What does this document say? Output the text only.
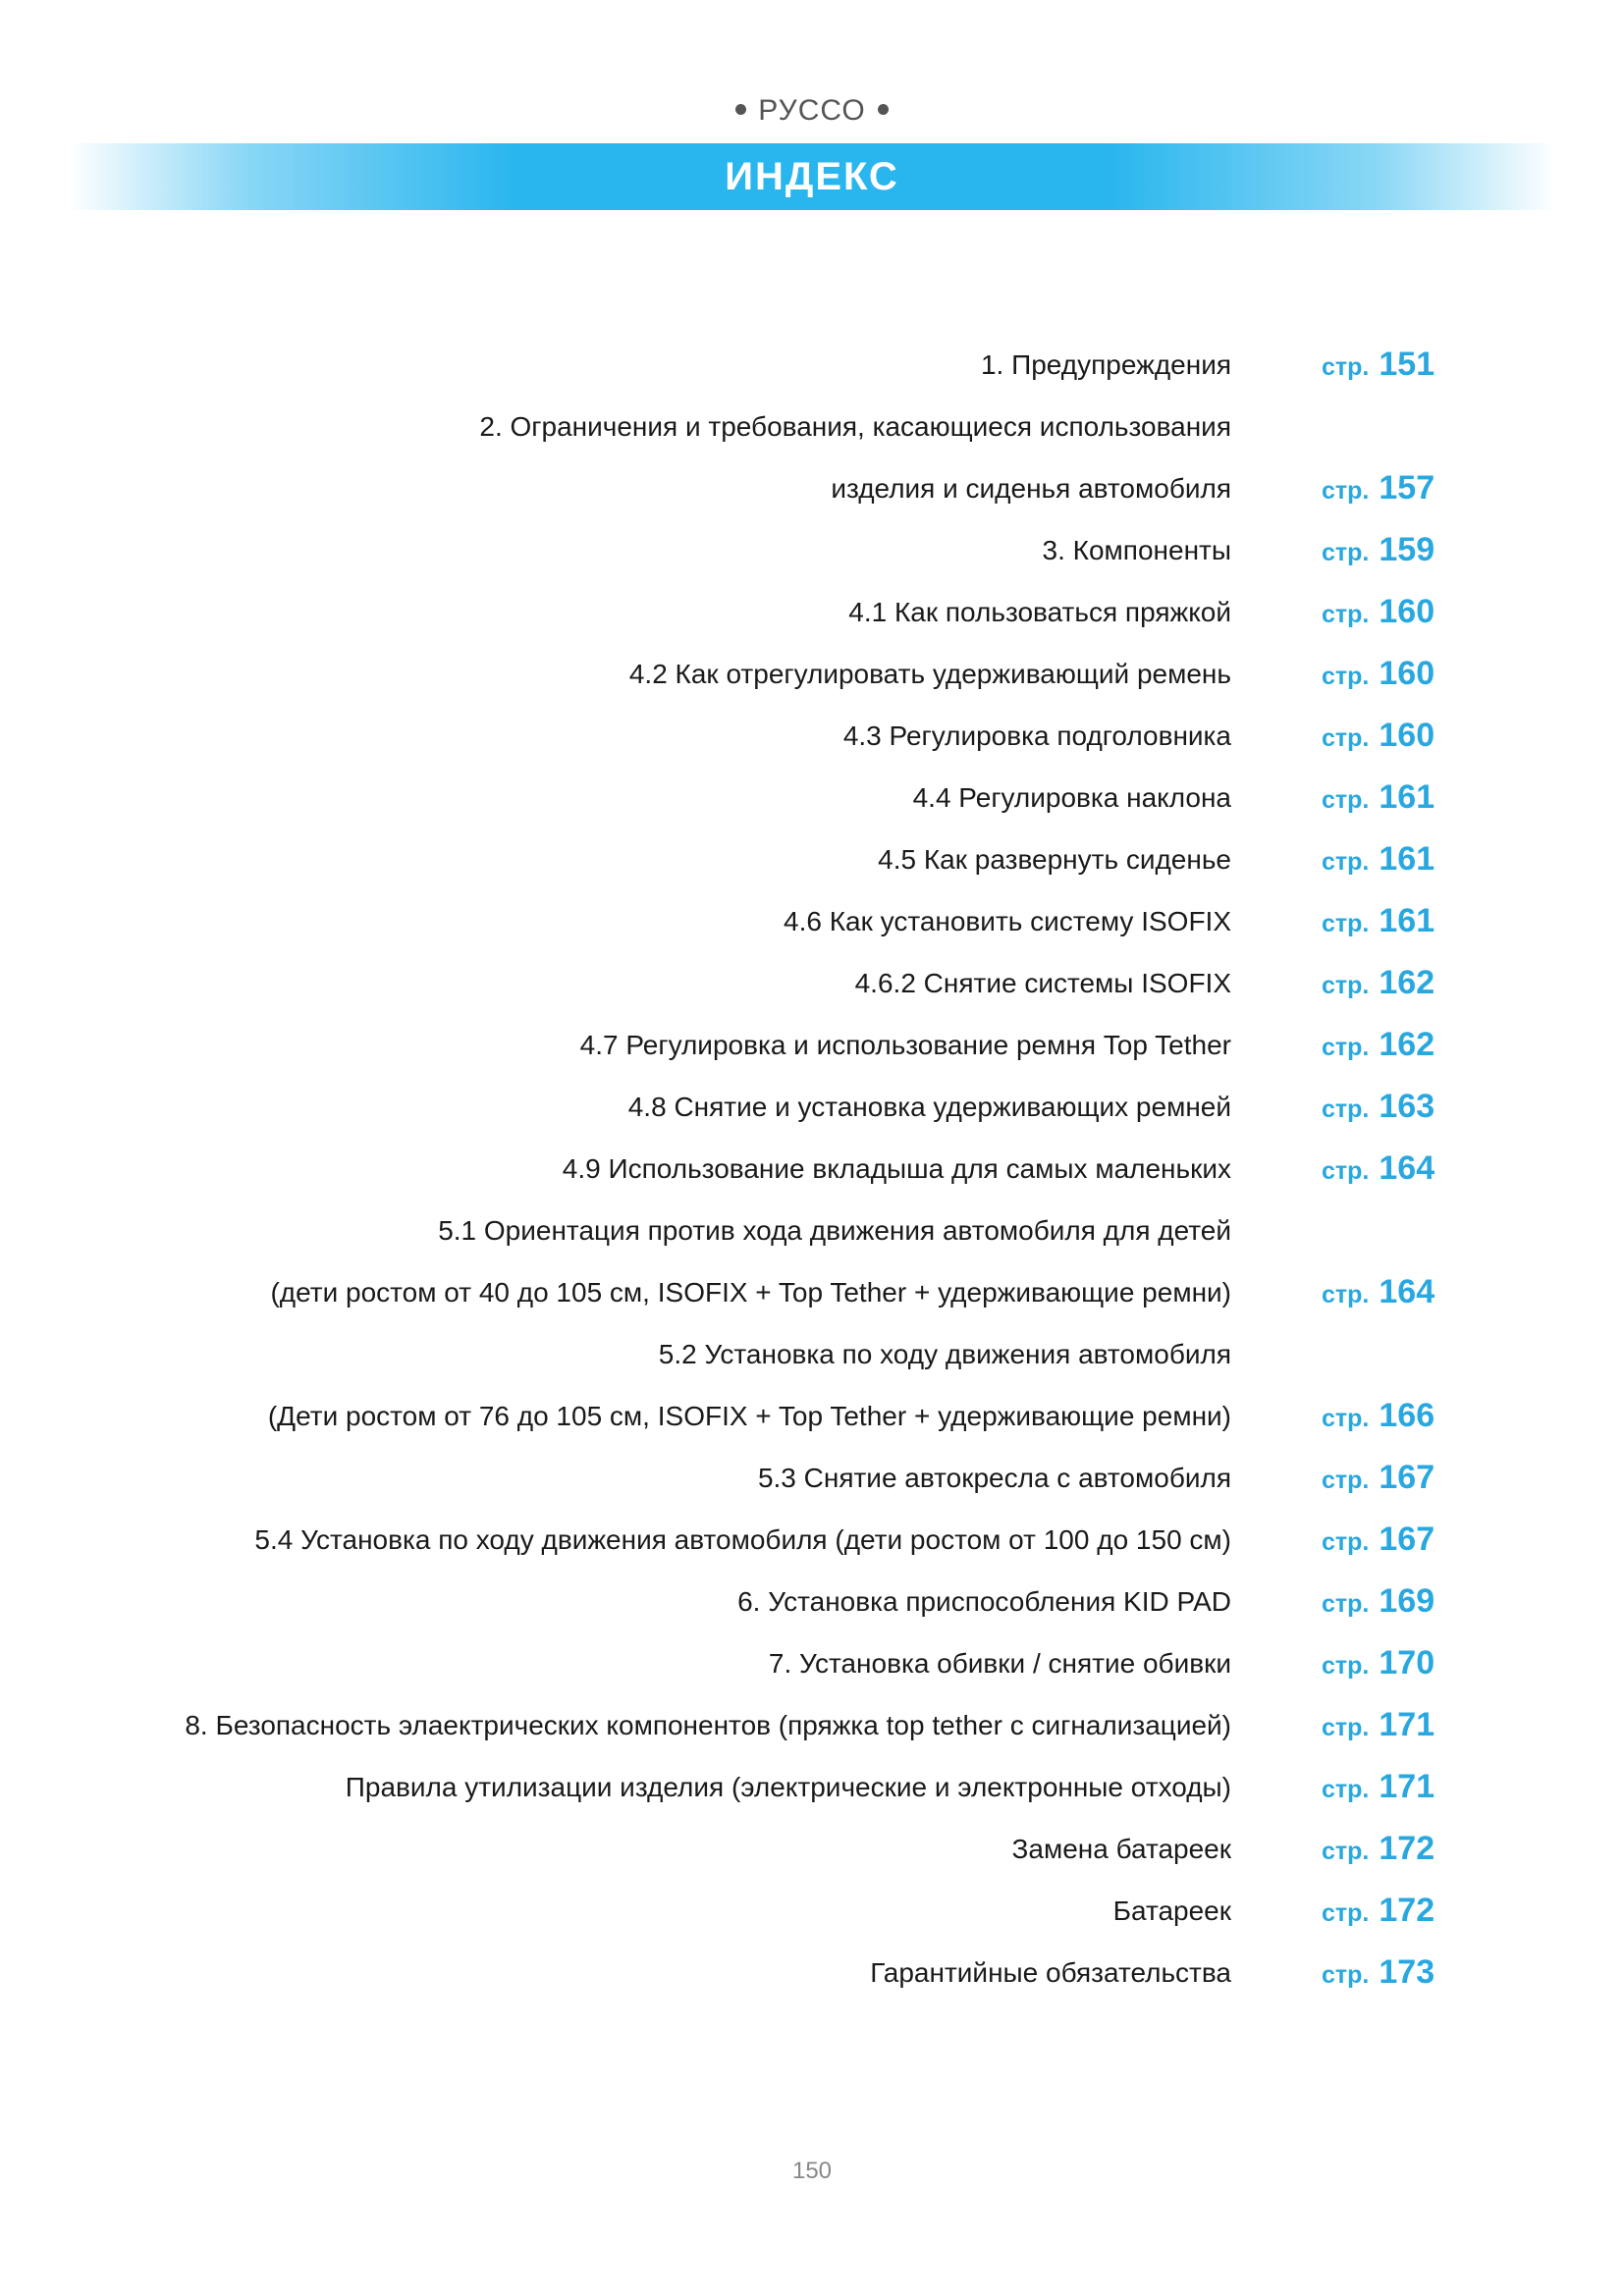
РУССО
ИНДЕКС
1. Предупреждения	стр. 151
2. Ограничения и требования, касающиеся использования
изделия и сиденья автомобиля	стр. 157
3. Компоненты	стр. 159
4.1 Как пользоваться пряжкой	стр. 160
4.2 Как отрегулировать удерживающий ремень	стр. 160
4.3 Регулировка подголовника	стр. 160
4.4 Регулировка наклона	стр. 161
4.5 Как развернуть сиденье	стр. 161
4.6 Как установить систему ISOFIX	стр. 161
4.6.2 Снятие системы ISOFIX	стр. 162
4.7 Регулировка и использование ремня Top Tether	стр. 162
4.8 Снятие и установка удерживающих ремней	стр. 163
4.9 Использование вкладыша для самых маленьких	стр. 164
5.1 Ориентация против хода движения автомобиля для детей
(дети ростом от 40 до 105 см, ISOFIX + Top Tether + удерживающие ремни)	стр. 164
5.2 Установка по ходу движения автомобиля
(Дети ростом от 76 до 105 см, ISOFIX + Top Tether + удерживающие ремни)	стр. 166
5.3 Снятие автокресла с автомобиля	стр. 167
5.4 Установка по ходу движения автомобиля (дети ростом от 100 до 150 см)	стр. 167
6. Установка приспособления KID PAD	стр. 169
7. Установка обивки / снятие обивки	стр. 170
8. Безопасность элаектрических компонентов (пряжка top tether с сигнализацией)	стр. 171
Правила утилизации изделия (электрические и электронные отходы)	стр. 171
Замена батареек	стр. 172
Батареек	стр. 172
Гарантийные обязательства	стр. 173
150
